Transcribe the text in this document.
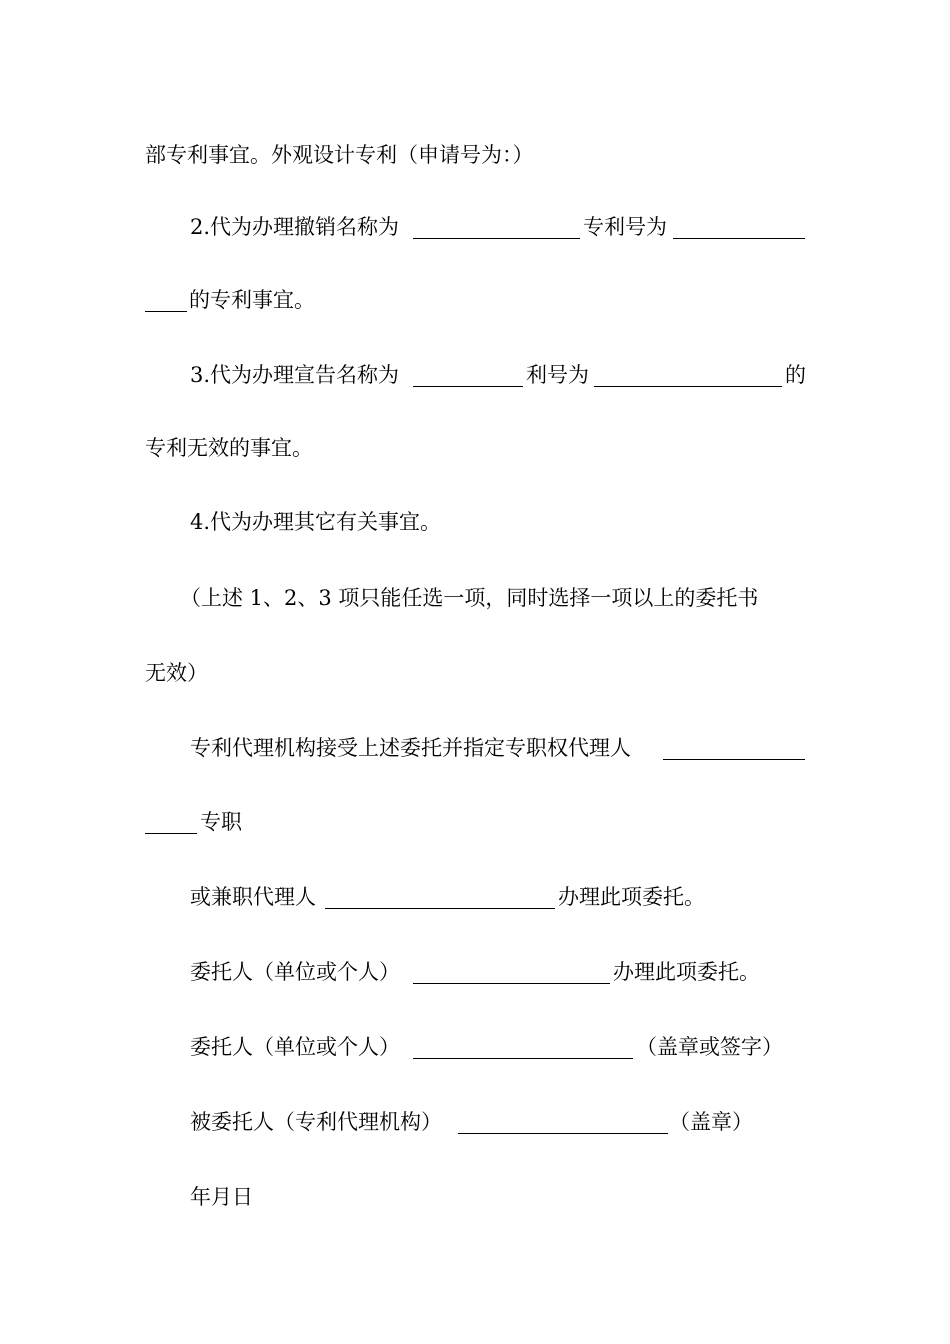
部专利事宜。外观设计专利（申请号为：）
2.代为办理撤销名称为	专利号为
的专利事宜。
3.代为办理宣告名称为	利号为	的
专利无效的事宜。
4.代为办理其它有关事宜。
（上述 1、2、3 项只能任选一项，同时选择一项以上的委托书
无效）
专利代理机构接受上述委托并指定专职权代理人
专职
或兼职代理人	办理此项委托。
委托人（单位或个人）	办理此项委托。
委托人（单位或个人）	（盖章或签字）
被委托人（专利代理机构）	（盖章）
年月日
